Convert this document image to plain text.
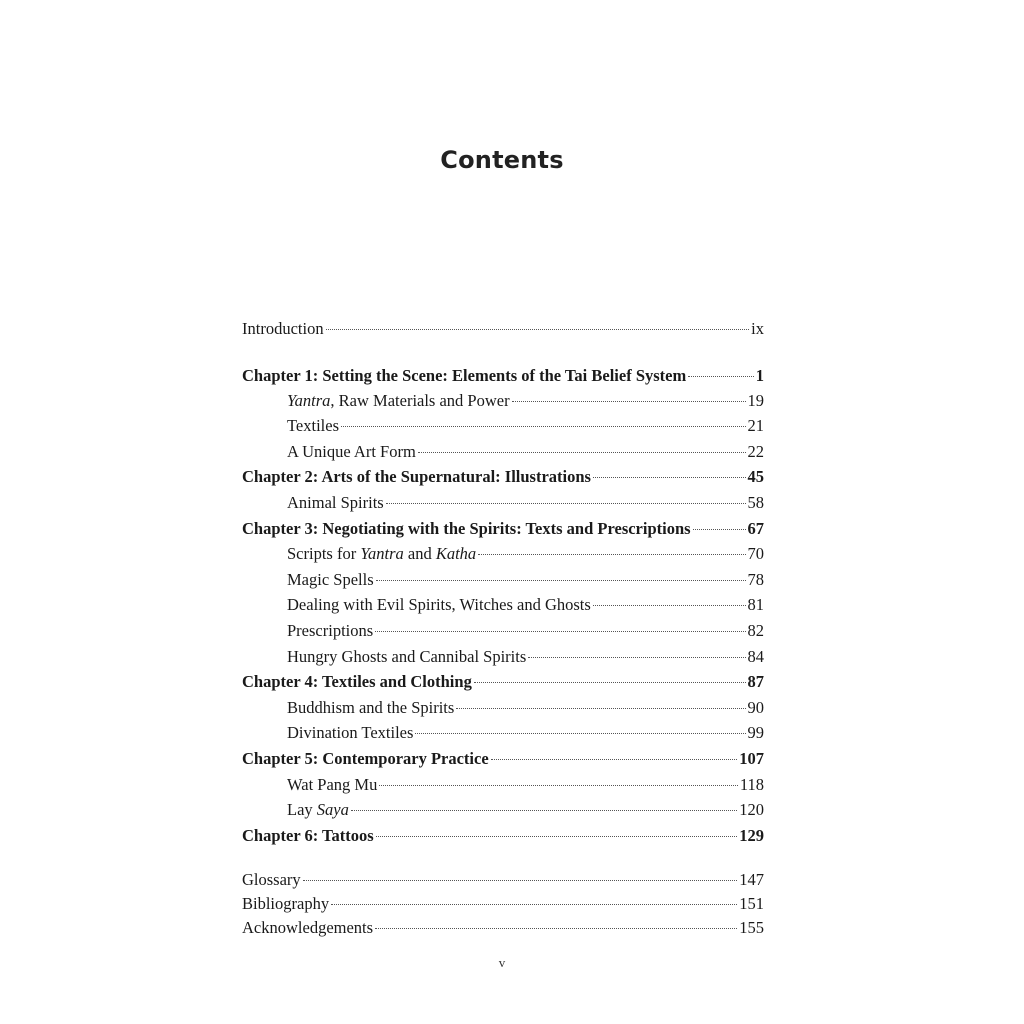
Contents
Introduction	ix
Chapter 1: Setting the Scene: Elements of the Tai Belief System	1
Yantra, Raw Materials and Power	19
Textiles	21
A Unique Art Form	22
Chapter 2: Arts of the Supernatural: Illustrations	45
Animal Spirits	58
Chapter 3: Negotiating with the Spirits: Texts and Prescriptions	67
Scripts for Yantra and Katha	70
Magic Spells	78
Dealing with Evil Spirits, Witches and Ghosts	81
Prescriptions	82
Hungry Ghosts and Cannibal Spirits	84
Chapter 4: Textiles and Clothing	87
Buddhism and the Spirits	90
Divination Textiles	99
Chapter 5: Contemporary Practice	107
Wat Pang Mu	118
Lay Saya	120
Chapter 6: Tattoos	129
Glossary	147
Bibliography	151
Acknowledgements	155
v
